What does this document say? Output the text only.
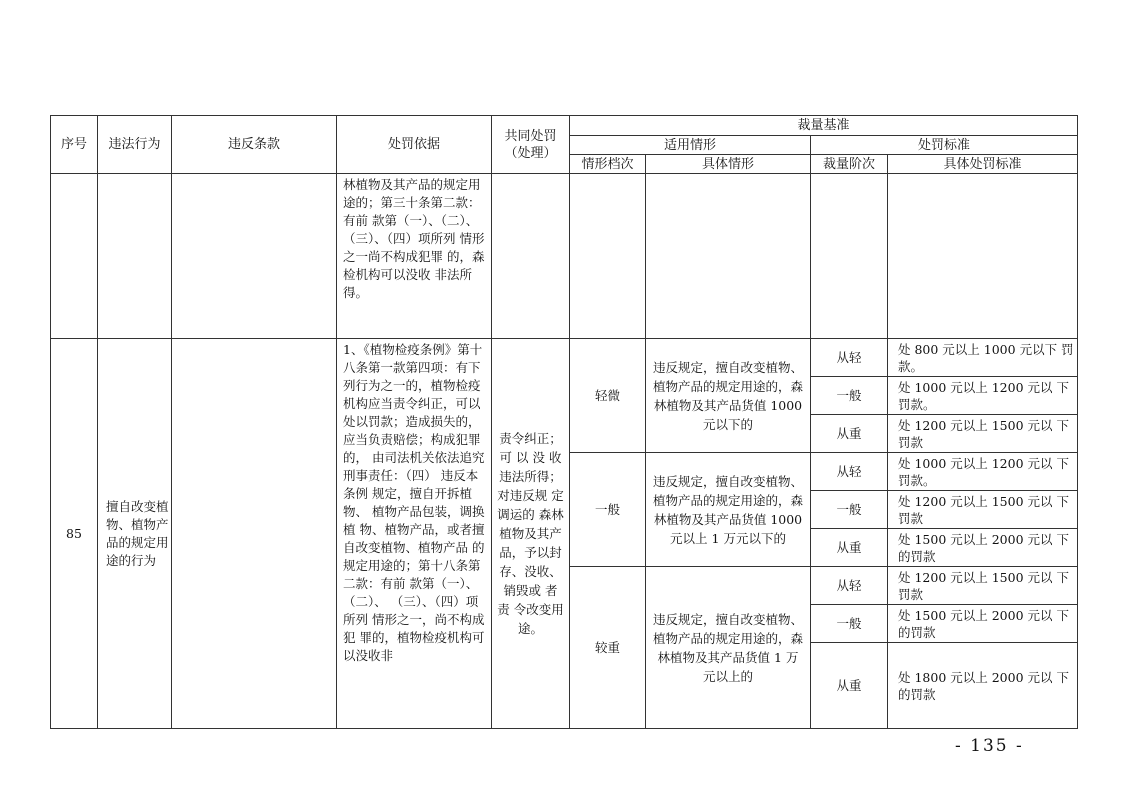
序号	违法行为	违反条款	处罚依据	共同处罚（处理）	裁量基准			
					适用情形		处罚标准	
					情形档次	具体情形	裁量阶次	具体处罚标准
			林植物及其产品的规定用途的；第三十条第二款：有前 款第（一）、（二）、 （三）、（四）项所列 情形之一尚不构成犯罪 的，森检机构可以没收 非法所得。					
85	擅自改变植物、植物产品的规定用途的行为		1、《植物检疫条例》第十八条第一款第四项：有下列行为之一的，植物检疫机构应当责令纠正，可以处以罚款；造成损失的，应当负责赔偿；构成犯罪的， 由司法机关依法追究刑事责任：（四） 违反本条例 规定，擅自开拆植物、 植物产品包装，调换植 物、植物产品，或者擅 自改变植物、植物产品 的规定用途的；第十八条第二款：有前 款第（一）、（二）、 （三）、（四）项所列 情形之一，尚不构成犯 罪的，植物检疫机构可 以没收非	责令纠正；可 以 没 收违法所得；对违反规 定调运的 森林植物及其产品，予以封存、没收、销毁或 者 责 令改变用途。	轻微	违反规定，擅自改变植物、植物产品的规定用途的，森林植物及其产品货值 1000 元以下的	从轻	处 800 元以上 1000 元以下 罚 款。
							一般	处 1000 元以上 1200 元以 下 罚款。
							从重	处 1200 元以上 1500 元以 下 罚款
					一般	违反规定，擅自改变植物、植物产品的规定用途的，森林植物及其产品货值 1000 元以上 1 万元以下的	从轻	处 1000 元以上 1200 元以 下 罚款。
							一般	处 1200 元以上 1500 元以 下 罚款
							从重	处 1500 元以上 2000 元以 下 的罚款
					较重	违反规定，擅自改变植物、植物产品的规定用途的，森林植物及其产品货值 1 万元以上的	从轻	处 1200 元以上 1500 元以 下 罚款
							一般	处 1500 元以上 2000 元以 下 的罚款
							从重	处 1800 元以上 2000 元以 下 的罚款
- 135 -
